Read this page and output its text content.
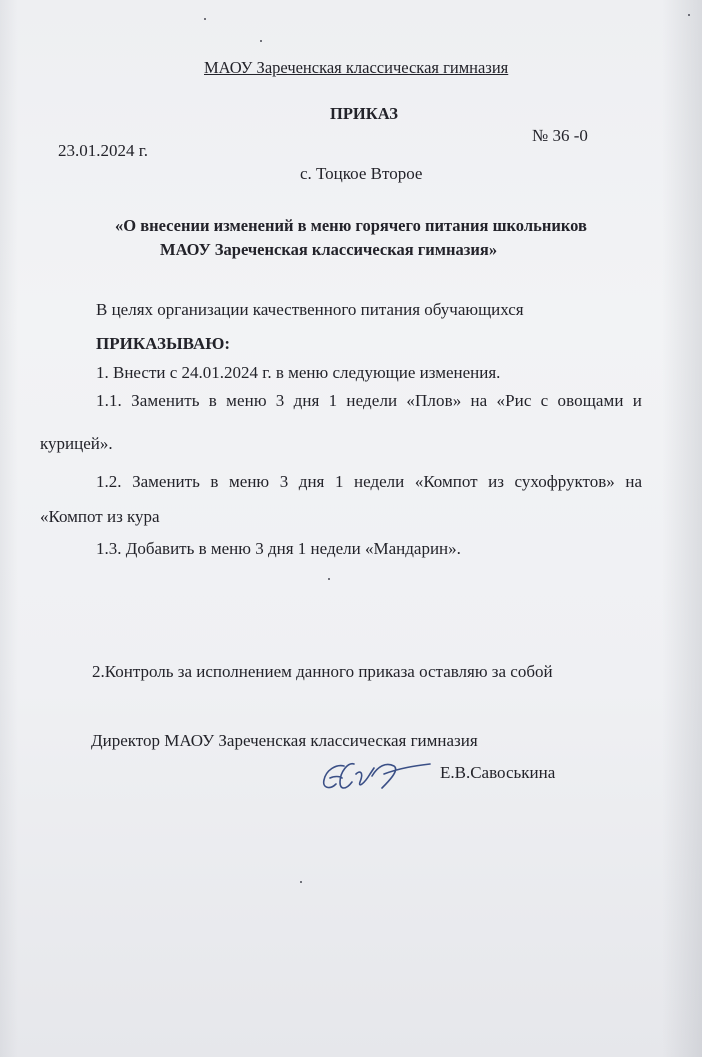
МАОУ Зареченская классическая гимназия
ПРИКАЗ
№ 36 -0
23.01.2024 г.
с. Тоцкое Второе
«О внесении изменений в меню горячего питания школьников
МАОУ Зареченская классическая гимназия»
В целях организации качественного питания обучающихся
ПРИКАЗЫВАЮ:
1. Внести с 24.01.2024 г. в меню следующие изменения.
1.1. Заменить в меню 3 дня 1 недели «Плов» на «Рис с овощами и
курицей».
1.2. Заменить в меню 3 дня 1 недели «Компот из сухофруктов» на
«Компот из кура
1.3. Добавить в меню 3 дня 1 недели «Мандарин».
2.Контроль за исполнением данного приказа оставляю за собой
Директор МАОУ Зареченская классическая гимназия
Е.В.Савоськина
